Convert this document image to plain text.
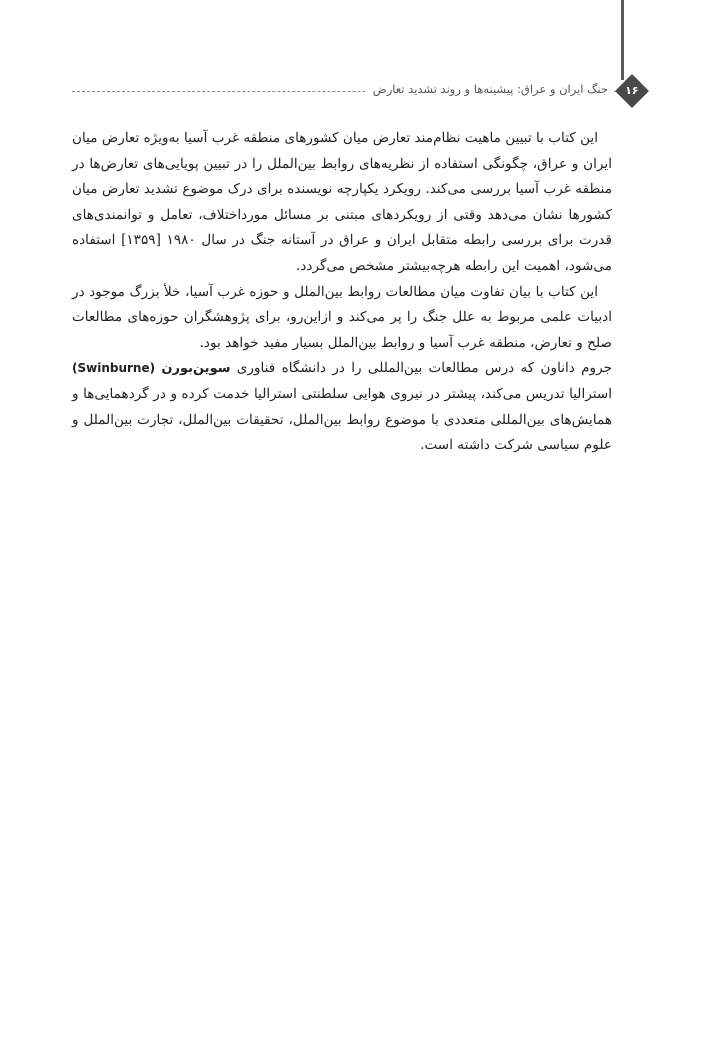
جنگ ایران و عراق: پیشینه‌ها و روند تشدید تعارض	۱۶

این کتاب با تبیین ماهیت نظام‌مند تعارض میان کشورهای منطقه غرب آسیا به‌ویژه تعارض میان ایران و عراق، چگونگی استفاده از نظریه‌های روابط بین‌الملل را در تبیین پویایی‌های تعارض‌ها در منطقه غرب آسیا بررسی می‌کند. رویکرد یکپارچه نویسنده برای درک موضوع تشدید تعارض میان کشورها نشان می‌دهد وقتی از رویکردهای مبتنی بر مسائل مورداختلاف، تعامل و توانمندی‌های قدرت برای بررسی رابطه متقابل ایران و عراق در آستانه جنگ در سال ۱۹۸۰ [۱۳۵۹] استفاده می‌شود، اهمیت این رابطه هرچه‌بیشتر مشخص می‌گردد.

این کتاب با بیان تفاوت میان مطالعات روابط بین‌الملل و حوزه غرب آسیا، خلأ بزرگ موجود در ادبیات علمی مربوط به علل جنگ را پر می‌کند و ازاین‌رو، برای پژوهشگران حوزه‌های مطالعات صلح و تعارض، منطقه غرب آسیا و روابط بین‌الملل بسیار مفید خواهد بود.

جروم داناون که درس مطالعات بین‌المللی را در دانشگاه فناوری سوین‌بورن (Swinburne) استرالیا تدریس می‌کند، پیشتر در نیروی هوایی سلطنتی استرالیا خدمت کرده و در گردهمایی‌ها و همایش‌های بین‌المللی متعددی با موضوع روابط بین‌الملل، تحقیقات بین‌الملل، تجارت بین‌الملل و علوم سیاسی شرکت داشته است.
